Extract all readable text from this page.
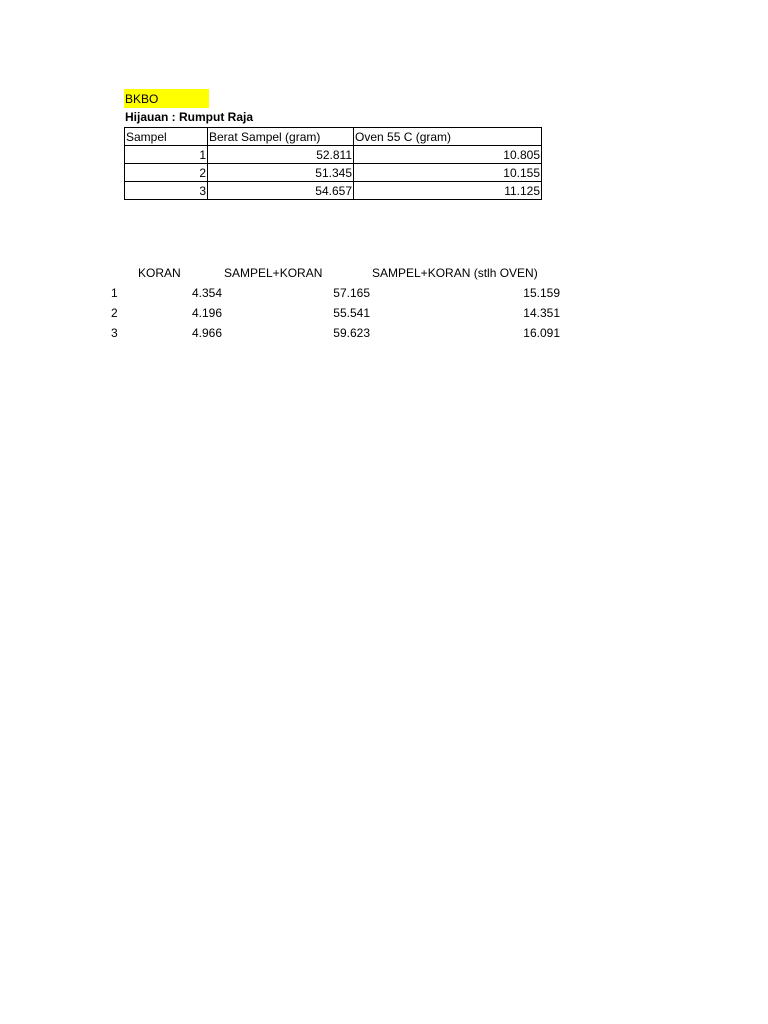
BKBO
Hijauan : Rumput Raja
Sampel	Berat Sampel (gram)	Oven 55 C (gram)
1	52.811	10.805
2	51.345	10.155
3	54.657	11.125
	KORAN	SAMPEL+KORAN	SAMPEL+KORAN (stlh OVEN)
1	4.354	57.165	15.159
2	4.196	55.541	14.351
3	4.966	59.623	16.091
